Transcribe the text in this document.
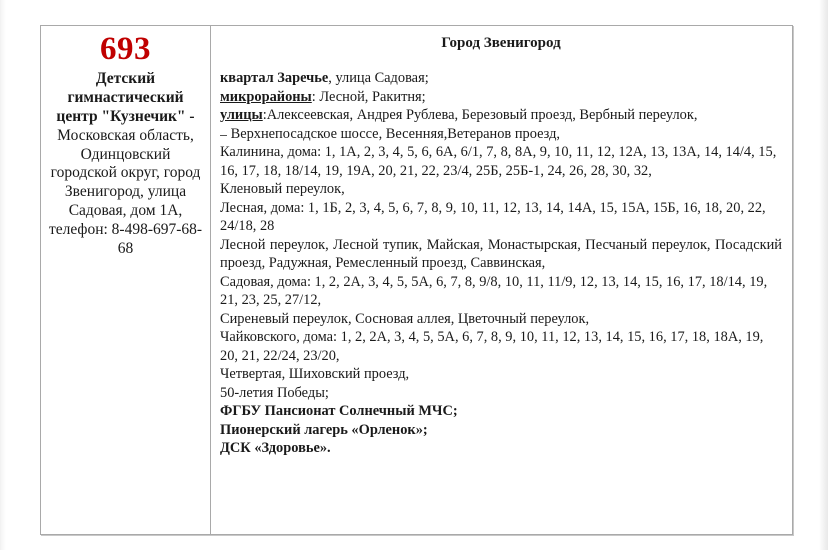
693
Детский гимнастический центр "Кузнечик" -
Московская область, Одинцовский городской округ, город Звенигород, улица Садовая, дом 1А, телефон: 8-498-697-68-68
Город Звенигород
квартал Заречье, улица Садовая;
микрорайоны: Лесной, Ракитня;
улицы:Алексеевская, Андрея Рублева, Березовый проезд, Вербный переулок,
Верхнепосадское шоссе, Весенняя,Ветеранов проезд,
Калинина, дома: 1, 1А, 2, 3, 4, 5, 6, 6А, 6/1, 7, 8, 8А, 9, 10, 11, 12, 12А, 13, 13А, 14, 14/4, 15, 16, 17, 18, 18/14, 19, 19А, 20, 21, 22, 23/4, 25Б, 25Б-1, 24, 26, 28, 30, 32,
Кленовый переулок,
Лесная, дома: 1, 1Б, 2, 3, 4, 5, 6, 7, 8, 9, 10, 11, 12, 13, 14, 14А, 15, 15А, 15Б, 16, 18, 20, 22, 24/18, 28
Лесной переулок, Лесной тупик, Майская, Монастырская, Песчаный переулок, Посадский проезд, Радужная, Ремесленный проезд, Саввинская,
Садовая, дома: 1, 2, 2А, 3, 4, 5, 5А, 6, 7, 8, 9/8, 10, 11, 11/9, 12, 13, 14, 15, 16, 17, 18/14, 19, 21, 23, 25, 27/12,
Сиреневый переулок, Сосновая аллея, Цветочный переулок,
Чайковского, дома: 1, 2, 2А, 3, 4, 5, 5А, 6, 7, 8, 9, 10, 11, 12, 13, 14, 15, 16, 17, 18, 18А, 19, 20, 21, 22/24, 23/20,
Четвертая, Шиховский проезд,
50-летия Победы;
ФГБУ Пансионат Солнечный МЧС;
Пионерский лагерь «Орленок»;
ДСК «Здоровье».
